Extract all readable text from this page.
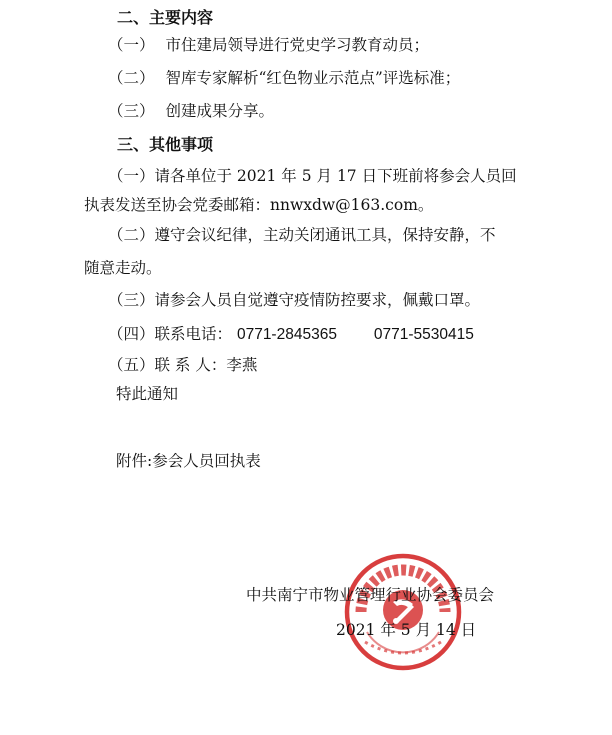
二、主要内容
（一） 市住建局领导进行党史学习教育动员；
（二） 智库专家解析“红色物业示范点”评选标准；
（三） 创建成果分享。
三、其他事项
（一）请各单位于 2021 年 5 月 17 日下班前将参会人员回
执表发送至协会党委邮箱：nnwxdw@163.com。
（二）遵守会议纪律，主动关闭通讯工具，保持安静，不
随意走动。
（三）请参会人员自觉遵守疫情防控要求，佩戴口罩。
（四）联系电话： 0771-2845365 0771-5530415
（五）联 系 人：李燕
特此通知
附件:参会人员回执表
中共南宁市物业管理行业协会委员会
2021 年 5 月 14 日
